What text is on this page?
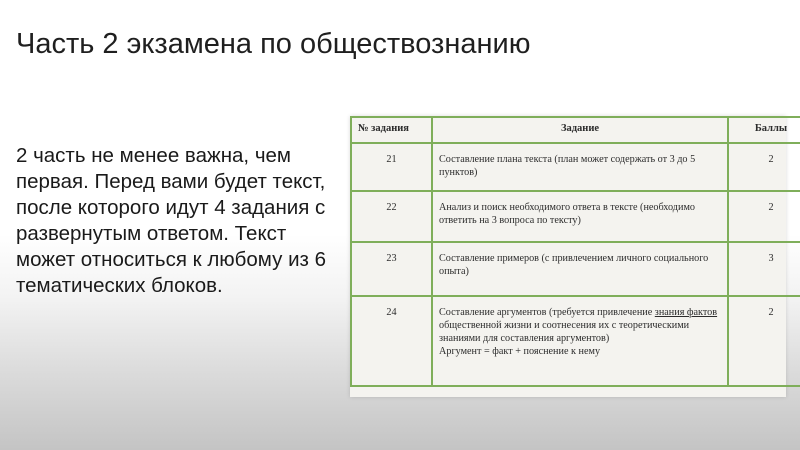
Часть 2 экзамена по обществознанию

2 часть не менее важна, чем первая. Перед вами будет текст, после которого идут 4 задания с развернутым ответом. Текст может относиться к любому из 6 тематических блоков.

№ задания	Задание	Баллы
21	Составление плана текста (план может содержать от 3 до 5 пунктов)	2
22	Анализ и поиск необходимого ответа в тексте (необходимо ответить на 3 вопроса по тексту)	2
23	Составление примеров (с привлечением личного социального опыта)	3
24	Составление аргументов (требуется привлечение знания фактов общественной жизни и соотнесения их с теоретическими знаниями для составления аргументов)
Аргумент = факт + пояснение к нему	2
